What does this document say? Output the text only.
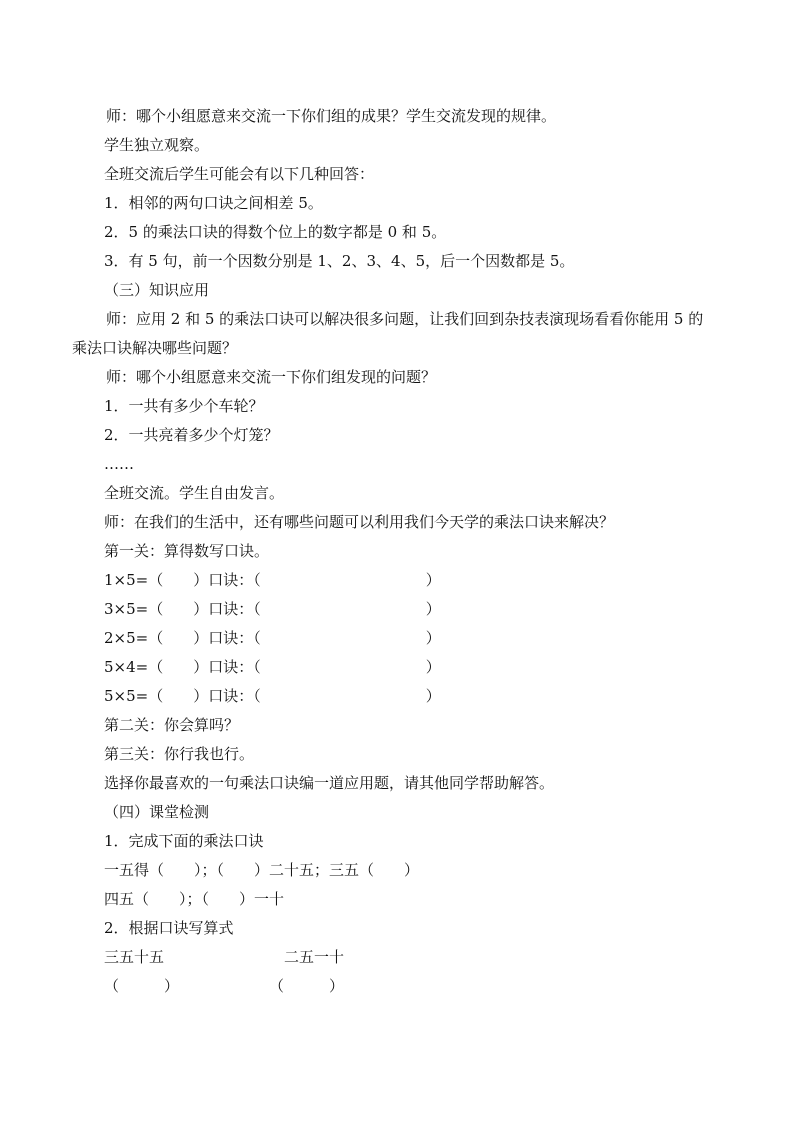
师：哪个小组愿意来交流一下你们组的成果？学生交流发现的规律。
学生独立观察。
全班交流后学生可能会有以下几种回答：
1．相邻的两句口诀之间相差 5。
2．5 的乘法口诀的得数个位上的数字都是 0 和 5。
3．有 5 句，前一个因数分别是 1、2、3、4、5，后一个因数都是 5。
（三）知识应用
师：应用 2 和 5 的乘法口诀可以解决很多问题，让我们回到杂技表演现场看看你能用 5 的
乘法口诀解决哪些问题？
师：哪个小组愿意来交流一下你们组发现的问题？
1．一共有多少个车轮？
2．一共亮着多少个灯笼？
……
全班交流。学生自由发言。
师：在我们的生活中，还有哪些问题可以利用我们今天学的乘法口诀来解决？
第一关：算得数写口诀。
1×5=（　　）口诀：（　　　　　　　　　　　）
3×5=（　　）口诀：（　　　　　　　　　　　）
2×5=（　　）口诀：（　　　　　　　　　　　）
5×4=（　　）口诀：（　　　　　　　　　　　）
5×5=（　　）口诀：（　　　　　　　　　　　）
第二关：你会算吗？
第三关：你行我也行。
选择你最喜欢的一句乘法口诀编一道应用题，请其他同学帮助解答。
（四）课堂检测
1．完成下面的乘法口诀
一五得（　　）；（　　）二十五；三五（　　）
四五（　　）；（　　）一十
2．根据口诀写算式
三五十五　　　　　　　　二五一十
（　　　）　　　　　　　（　　　）
